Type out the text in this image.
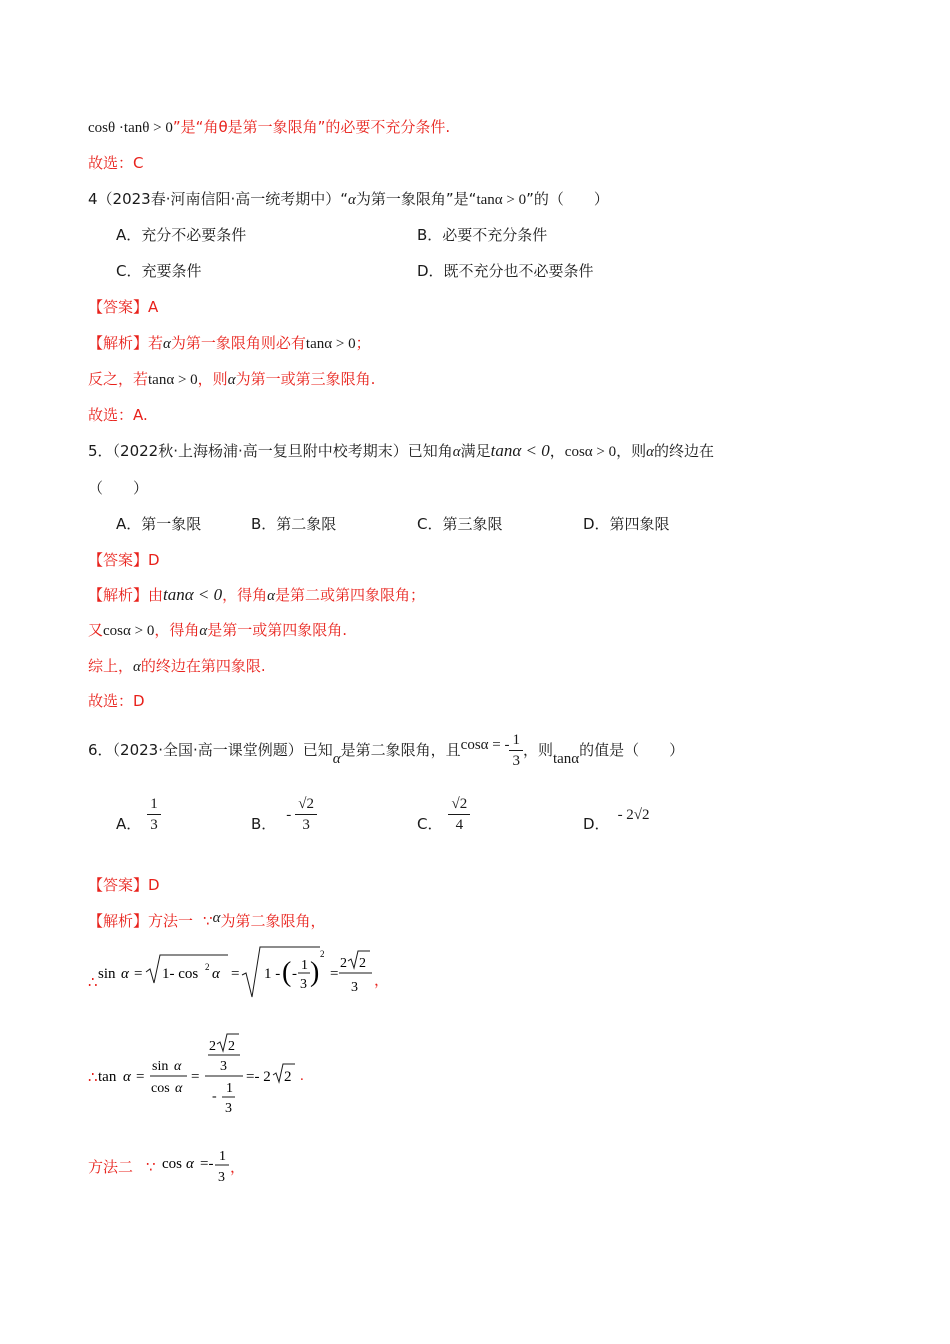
cosθ ·tanθ > 0”是“角θ是第一象限角”的必要不充分条件.
故选：C
4（2023春·河南信阳·高一统考期中）“α为第一象限角”是“tanα > 0”的（　　）
A．充分不必要条件	B．必要不充分条件
C．充要条件	D．既不充分也不必要条件
【答案】A
【解析】若α为第一象限角则必有tanα > 0；
反之，若tanα > 0，则α为第一或第三象限角.
故选：A.
5．（2022秋·上海杨浦·高一复旦附中校考期末）已知角α满足tanα < 0，cosα > 0，则α的终边在
（　　）
A．第一象限	B．第二象限	C．第三象限	D．第四象限
【答案】D
【解析】由tanα < 0，得角α是第二或第四象限角；
又cosα > 0，得角α是第一或第四象限角.
综上，α的终边在第四象限.
故选：D
6．（2023·全国·高一课堂例题）已知α是第二象限角，且cosα = - $\frac{1}{3}$ ，则tanα的值是（　　）
A． $\frac{1}{3}$	B． - $\frac{√2}{3}$	C． $\frac{√2}{4}$	D． - 2√2
【答案】D
【解析】方法一 ∵α为第二象限角，
∴
sin α = 1- cos 2 α = 1 - ( -
1
3 )
2
=
2 2
3 ，
∴ tan α =
sin α
cos α
=
2 2
3
-
1
3
=- 2 2 .
方法二 ∵ cos α =- 1
3
，
